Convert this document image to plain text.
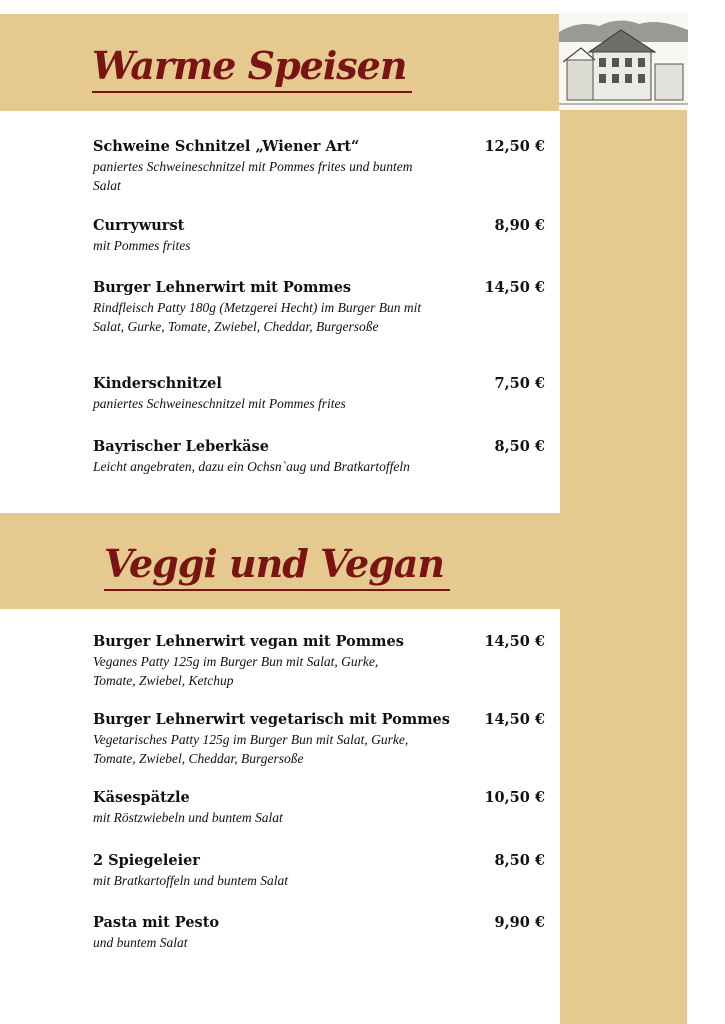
Warme Speisen
Veggi und Vegan
Schweine Schnitzel „Wiener Art“	12,50 €
paniertes Schweineschnitzel mit Pommes frites und buntem Salat
Currywurst	8,90 €
mit Pommes frites
Burger Lehnerwirt mit Pommes	14,50 €
Rindfleisch Patty 180g (Metzgerei Hecht) im Burger Bun mit Salat, Gurke, Tomate, Zwiebel, Cheddar, Burgersoße
Kinderschnitzel	7,50 €
paniertes Schweineschnitzel mit Pommes frites
Bayrischer Leberkäse	8,50 €
Leicht angebraten, dazu ein Ochsn`aug und Bratkartoffeln
Burger Lehnerwirt vegan mit Pommes	14,50 €
Veganes Patty 125g im Burger Bun mit Salat, Gurke, Tomate, Zwiebel, Ketchup
Burger Lehnerwirt vegetarisch mit Pommes	14,50 €
Vegetarisches Patty 125g im Burger Bun mit Salat, Gurke, Tomate, Zwiebel, Cheddar, Burgersoße
Käsespätzle	10,50 €
mit Röstzwiebeln und buntem Salat
2 Spiegeleier	8,50 €
mit Bratkartoffeln und buntem Salat
Pasta mit Pesto	9,90 €
und buntem Salat
